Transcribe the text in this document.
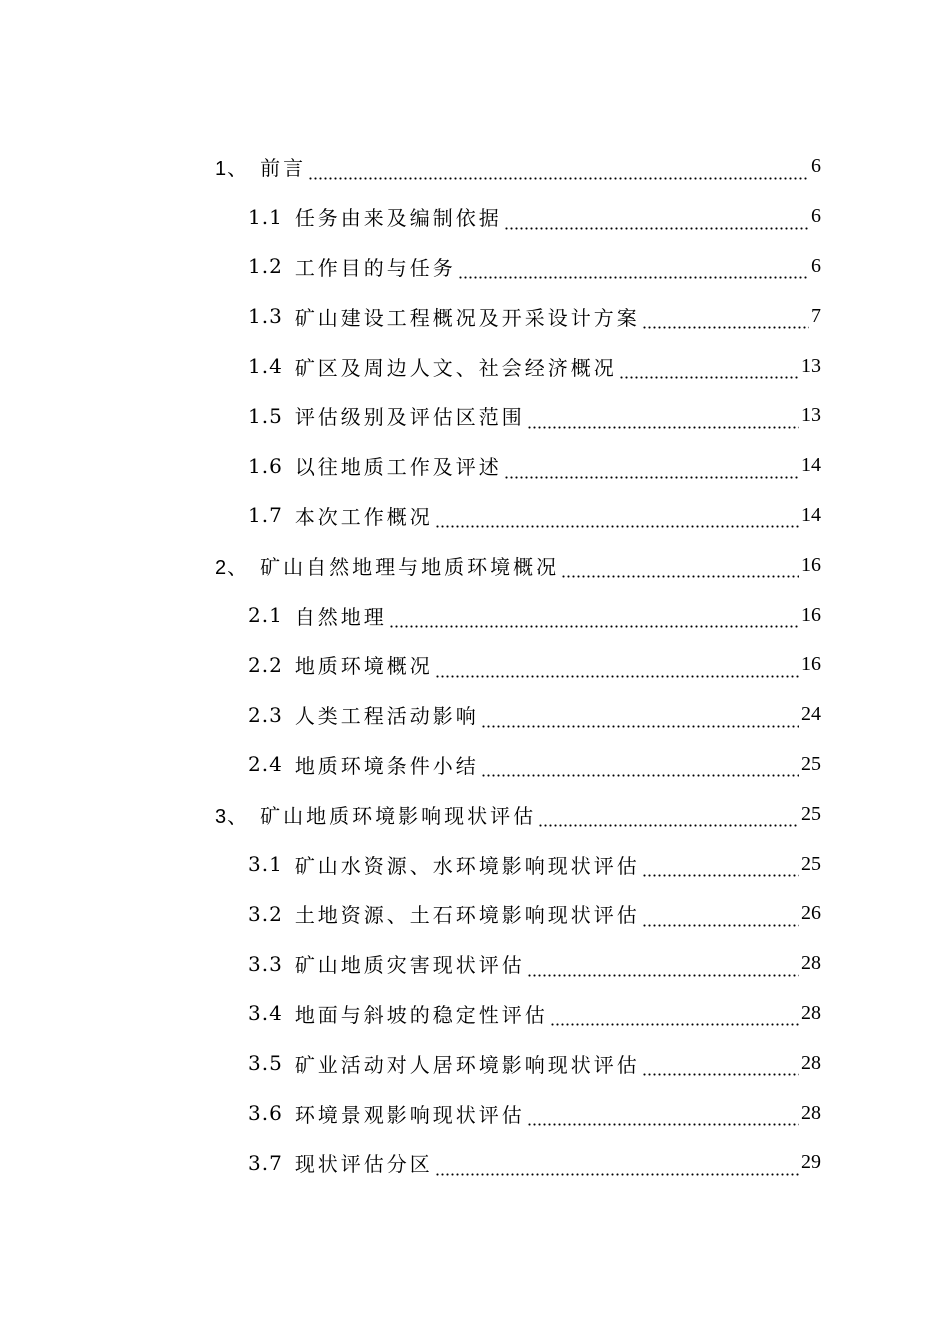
1、 前言	6
1.1 任务由来及编制依据	6
1.2 工作目的与任务	6
1.3 矿山建设工程概况及开采设计方案	7
1.4 矿区及周边人文、社会经济概况	13
1.5 评估级别及评估区范围	13
1.6 以往地质工作及评述	14
1.7 本次工作概况	14
2、 矿山自然地理与地质环境概况	16
2.1 自然地理	16
2.2 地质环境概况	16
2.3 人类工程活动影响	24
2.4 地质环境条件小结	25
3、 矿山地质环境影响现状评估	25
3.1 矿山水资源、水环境影响现状评估	25
3.2 土地资源、土石环境影响现状评估	26
3.3 矿山地质灾害现状评估	28
3.4 地面与斜坡的稳定性评估	28
3.5 矿业活动对人居环境影响现状评估	28
3.6 环境景观影响现状评估	28
3.7 现状评估分区	29
